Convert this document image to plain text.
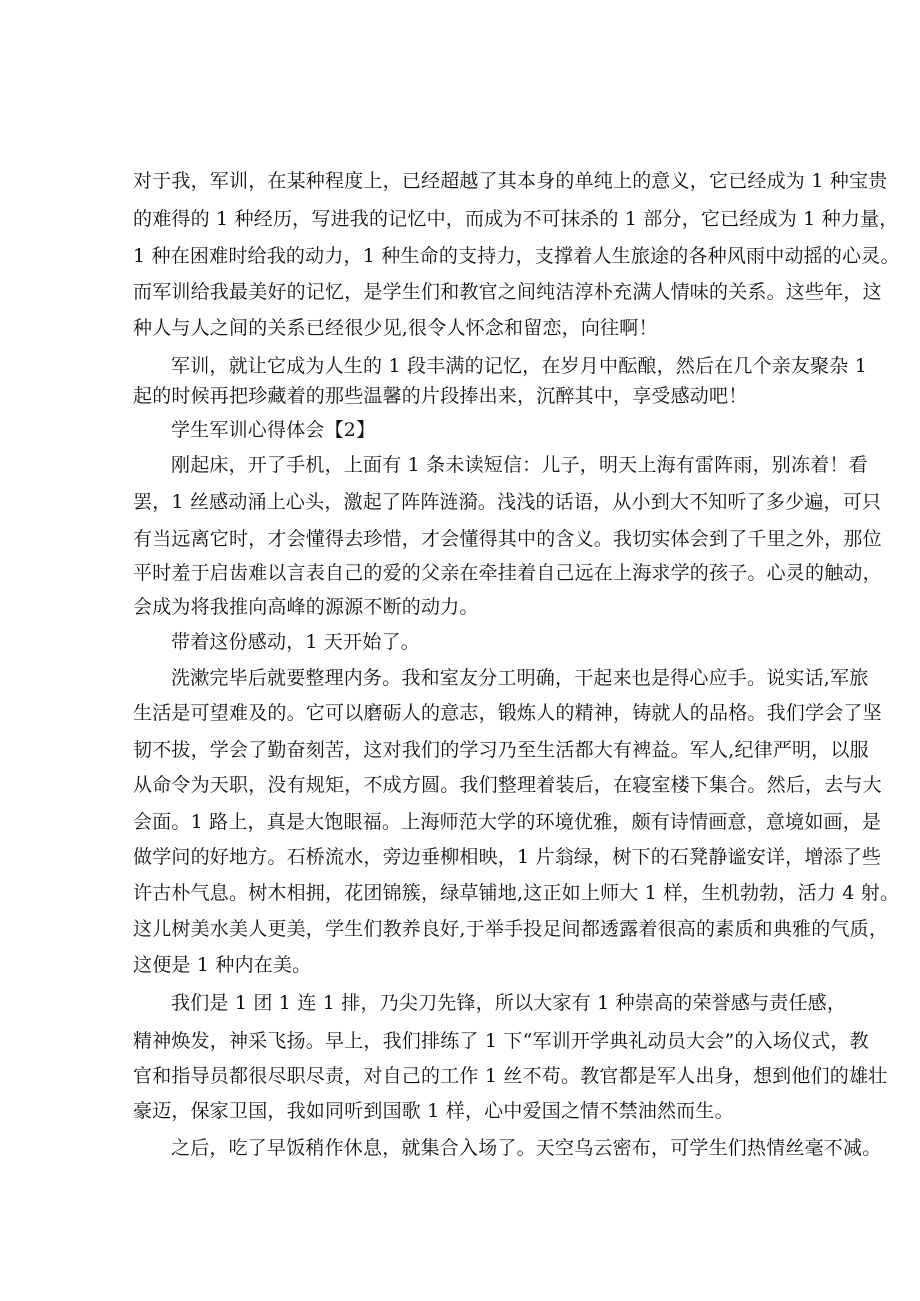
对于我，军训，在某种程度上，已经超越了其本身的单纯上的意义，它已经成为 1 种宝贵
的难得的 1 种经历，写进我的记忆中，而成为不可抹杀的 1 部分，它已经成为 1 种力量，
1 种在困难时给我的动力，1 种生命的支持力，支撑着人生旅途的各种风雨中动摇的心灵。
而军训给我最美好的记忆，是学生们和教官之间纯洁淳朴充满人情味的关系。这些年，这
种人与人之间的关系已经很少见,很令人怀念和留恋，向往啊！
军训，就让它成为人生的 1 段丰满的记忆，在岁月中酝酿，然后在几个亲友聚杂 1
起的时候再把珍藏着的那些温馨的片段捧出来，沉醉其中，享受感动吧！
学生军训心得体会【2】
刚起床，开了手机，上面有 1 条未读短信：儿子，明天上海有雷阵雨，别冻着！看
罢，1 丝感动涌上心头，激起了阵阵涟漪。浅浅的话语，从小到大不知听了多少遍，可只
有当远离它时，才会懂得去珍惜，才会懂得其中的含义。我切实体会到了千里之外，那位
平时羞于启齿难以言表自己的爱的父亲在牵挂着自己远在上海求学的孩子。心灵的触动，
会成为将我推向高峰的源源不断的动力。
带着这份感动，1 天开始了。
洗漱完毕后就要整理内务。我和室友分工明确，干起来也是得心应手。说实话,军旅
生活是可望难及的。它可以磨砺人的意志，锻炼人的精神，铸就人的品格。我们学会了坚
韧不拔，学会了勤奋刻苦，这对我们的学习乃至生活都大有裨益。军人,纪律严明，以服
从命令为天职，没有规矩，不成方圆。我们整理着装后，在寝室楼下集合。然后，去与大
会面。1 路上，真是大饱眼福。上海师范大学的环境优雅，颇有诗情画意，意境如画，是
做学问的好地方。石桥流水，旁边垂柳相映，1 片翁绿，树下的石凳静谧安详，增添了些
许古朴气息。树木相拥，花团锦簇，绿草铺地,这正如上师大 1 样，生机勃勃，活力 4 射。
这儿树美水美人更美，学生们教养良好,于举手投足间都透露着很高的素质和典雅的气质，
这便是 1 种内在美。
我们是 1 团 1 连 1 排，乃尖刀先锋，所以大家有 1 种崇高的荣誉感与责任感，
精神焕发，神采飞扬。早上，我们排练了 1 下“军训开学典礼动员大会”的入场仪式，教
官和指导员都很尽职尽责，对自己的工作 1 丝不苟。教官都是军人出身，想到他们的雄壮
豪迈，保家卫国，我如同听到国歌 1 样，心中爱国之情不禁油然而生。
之后，吃了早饭稍作休息，就集合入场了。天空乌云密布，可学生们热情丝毫不减。
